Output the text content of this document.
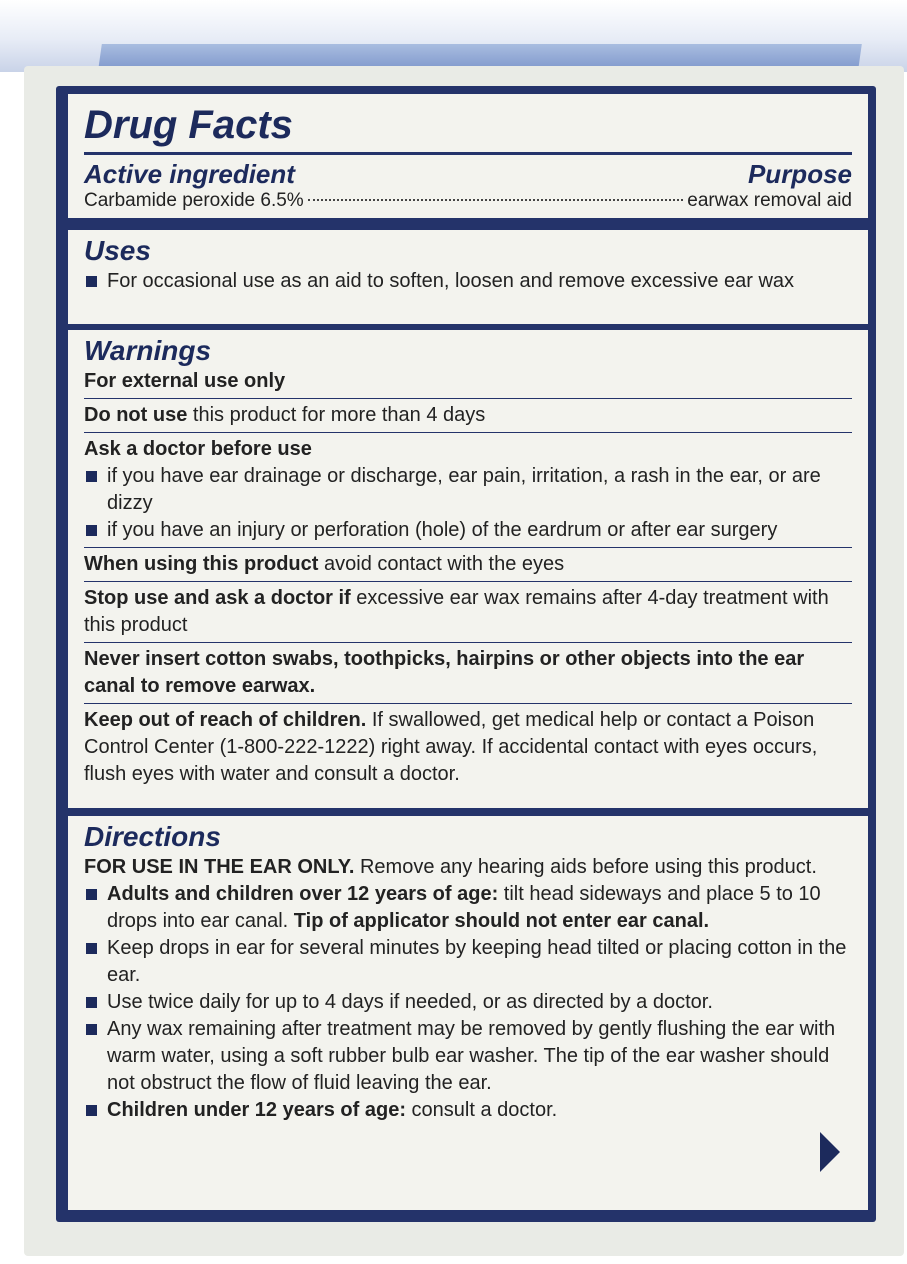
Drug Facts
Active ingredient	Purpose
Carbamide peroxide 6.5%	earwax removal aid
Uses
For occasional use as an aid to soften, loosen and remove excessive ear wax
Warnings
For external use only
Do not use this product for more than 4 days
Ask a doctor before use
if you have ear drainage or discharge, ear pain, irritation, a rash in the ear, or are dizzy
if you have an injury or perforation (hole) of the eardrum or after ear surgery
When using this product avoid contact with the eyes
Stop use and ask a doctor if excessive ear wax remains after 4-day treatment with this product
Never insert cotton swabs, toothpicks, hairpins or other objects into the ear canal to remove earwax.
Keep out of reach of children. If swallowed, get medical help or contact a Poison Control Center (1-800-222-1222) right away. If accidental contact with eyes occurs, flush eyes with water and consult a doctor.
Directions
FOR USE IN THE EAR ONLY. Remove any hearing aids before using this product.
Adults and children over 12 years of age: tilt head sideways and place 5 to 10 drops into ear canal. Tip of applicator should not enter ear canal.
Keep drops in ear for several minutes by keeping head tilted or placing cotton in the ear.
Use twice daily for up to 4 days if needed, or as directed by a doctor.
Any wax remaining after treatment may be removed by gently flushing the ear with warm water, using a soft rubber bulb ear washer. The tip of the ear washer should not obstruct the flow of fluid leaving the ear.
Children under 12 years of age: consult a doctor.
